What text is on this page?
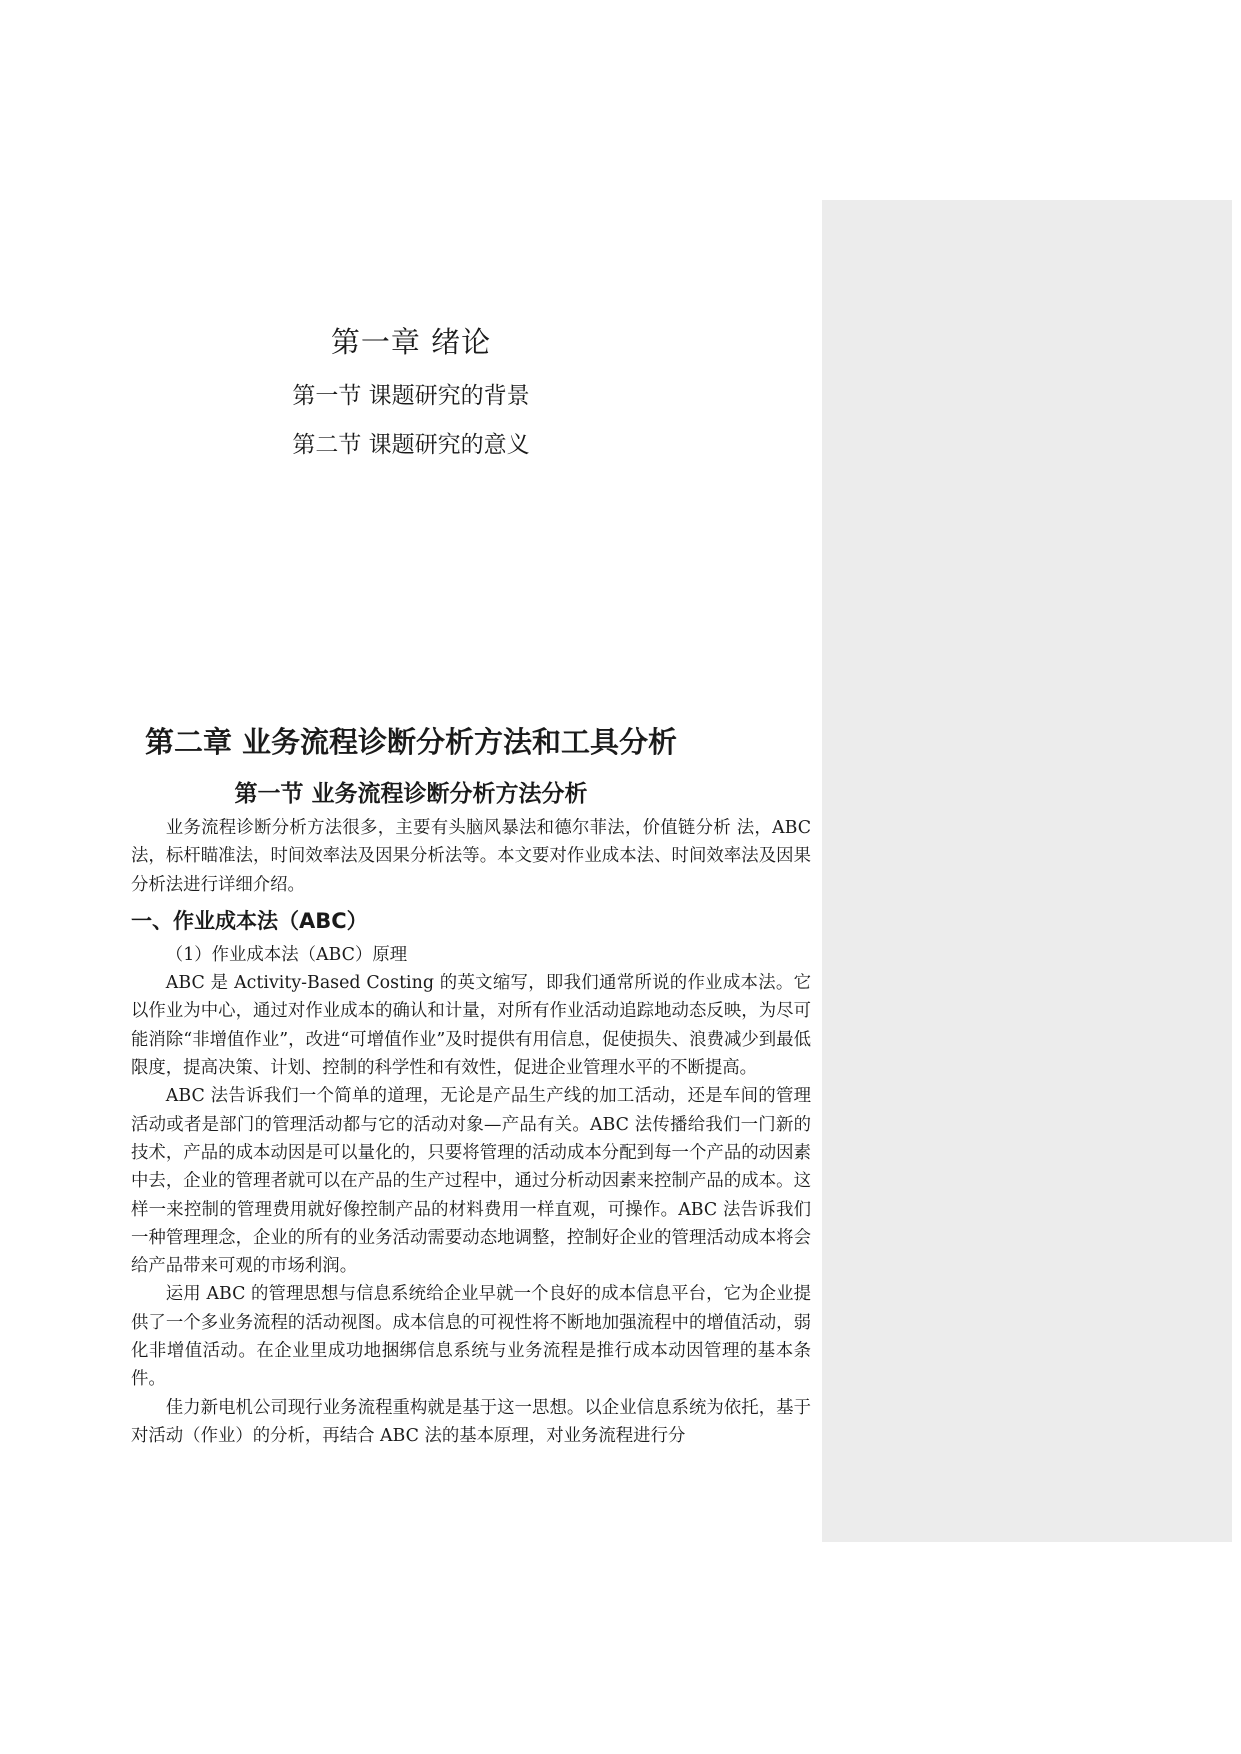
第一章 绪论
第一节 课题研究的背景
第二节 课题研究的意义
第二章 业务流程诊断分析方法和工具分析
第一节 业务流程诊断分析方法分析

业务流程诊断分析方法很多，主要有头脑风暴法和德尔菲法，价值链分析 法，ABC 法，标杆瞄准法，时间效率法及因果分析法等。本文要对作业成本法、时间效率法及因果分析法进行详细介绍。

一、作业成本法（ABC）

（1）作业成本法（ABC）原理

ABC 是 Activity-Based Costing 的英文缩写，即我们通常所说的作业成本法。它以作业为中心，通过对作业成本的确认和计量，对所有作业活动追踪地动态反映，为尽可能消除“非增值作业”，改进“可增值作业”及时提供有用信息，促使损失、浪费减少到最低限度，提高决策、计划、控制的科学性和有效性，促进企业管理水平的不断提高。

ABC 法告诉我们一个简单的道理，无论是产品生产线的加工活动，还是车间的管理活动或者是部门的管理活动都与它的活动对象—产品有关。ABC 法传播给我们一门新的技术，产品的成本动因是可以量化的，只要将管理的活动成本分配到每一个产品的动因素中去，企业的管理者就可以在产品的生产过程中，通过分析动因素来控制产品的成本。这样一来控制的管理费用就好像控制产品的材料费用一样直观，可操作。ABC 法告诉我们一种管理理念，企业的所有的业务活动需要动态地调整，控制好企业的管理活动成本将会给产品带来可观的市场利润。

运用 ABC 的管理思想与信息系统给企业早就一个良好的成本信息平台，它为企业提供了一个多业务流程的活动视图。成本信息的可视性将不断地加强流程中的增值活动，弱化非增值活动。在企业里成功地捆绑信息系统与业务流程是推行成本动因管理的基本条件。

佳力新电机公司现行业务流程重构就是基于这一思想。以企业信息系统为依托，基于对活动（作业）的分析，再结合 ABC 法的基本原理，对业务流程进行分
